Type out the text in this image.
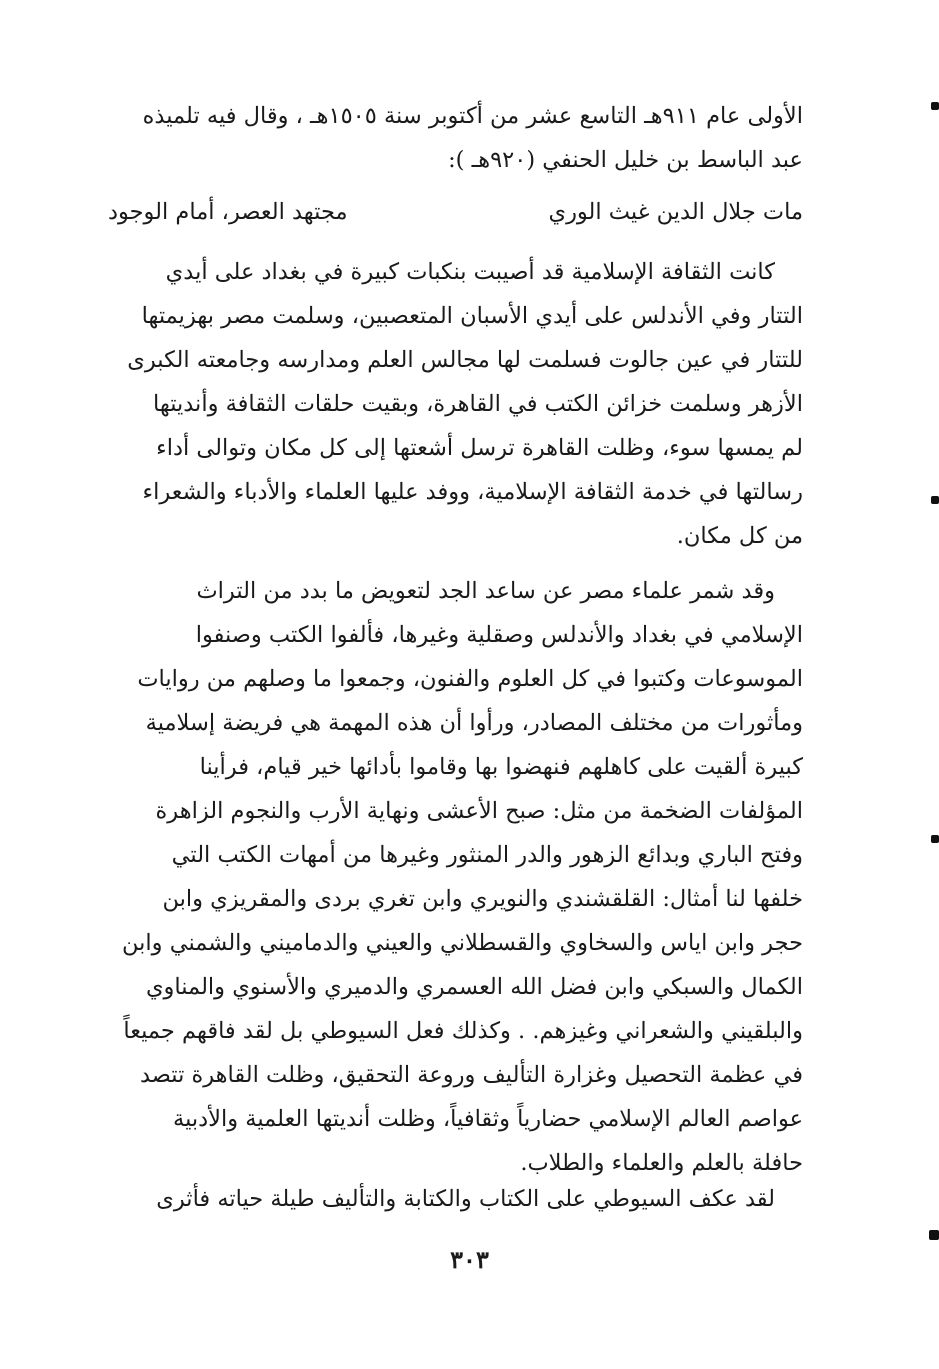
الأولى عام ٩١١هـ التاسع عشر من أكتوبر سنة ١٥٠٥هـ ، وقال فيه تلميذه
عبد الباسط بن خليل الحنفي (٩٢٠هـ ):
مات جلال الدين غيث الوري
مجتهد العصر، أمام الوجود
كانت الثقافة الإسلامية قد أصيبت بنكبات كبيرة في بغداد على أيدي
التتار وفي الأندلس على أيدي الأسبان المتعصبين، وسلمت مصر بهزيمتها
للتتار في عين جالوت فسلمت لها مجالس العلم ومدارسه وجامعته الكبرى
الأزهر وسلمت خزائن الكتب في القاهرة، وبقيت حلقات الثقافة وأنديتها
لم يمسها سوء، وظلت القاهرة ترسل أشعتها إلى كل مكان وتوالى أداء
رسالتها في خدمة الثقافة الإسلامية، ووفد عليها العلماء والأدباء والشعراء
من كل مكان.
وقد شمر علماء مصر عن ساعد الجد لتعويض ما بدد من التراث
الإسلامي في بغداد والأندلس وصقلية وغيرها، فألفوا الكتب وصنفوا
الموسوعات وكتبوا في كل العلوم والفنون، وجمعوا ما وصلهم من روايات
ومأثورات من مختلف المصادر، ورأوا أن هذه المهمة هي فريضة إسلامية
كبيرة ألقيت على كاهلهم فنهضوا بها وقاموا بأدائها خير قيام، فرأينا
المؤلفات الضخمة من مثل: صبح الأعشى ونهاية الأرب والنجوم الزاهرة
وفتح الباري وبدائع الزهور والدر المنثور وغيرها من أمهات الكتب التي
خلفها لنا أمثال: القلقشندي والنويري وابن تغري بردى والمقريزي وابن
حجر وابن اياس والسخاوي والقسطلاني والعيني والدماميني والشمني وابن
الكمال والسبكي وابن فضل الله العسمري والدميري والأسنوي والمناوي
والبلقيني والشعراني وغيزهم. . وكذلك فعل السيوطي بل لقد فاقهم جميعاً
في عظمة التحصيل وغزارة التأليف وروعة التحقيق، وظلت القاهرة تتصد
عواصم العالم الإسلامي حضارياً وثقافياً، وظلت أنديتها العلمية والأدبية
حافلة بالعلم والعلماء والطلاب.
لقد عكف السيوطي على الكتاب والكتابة والتأليف طيلة حياته فأثرى
٣٠٣
